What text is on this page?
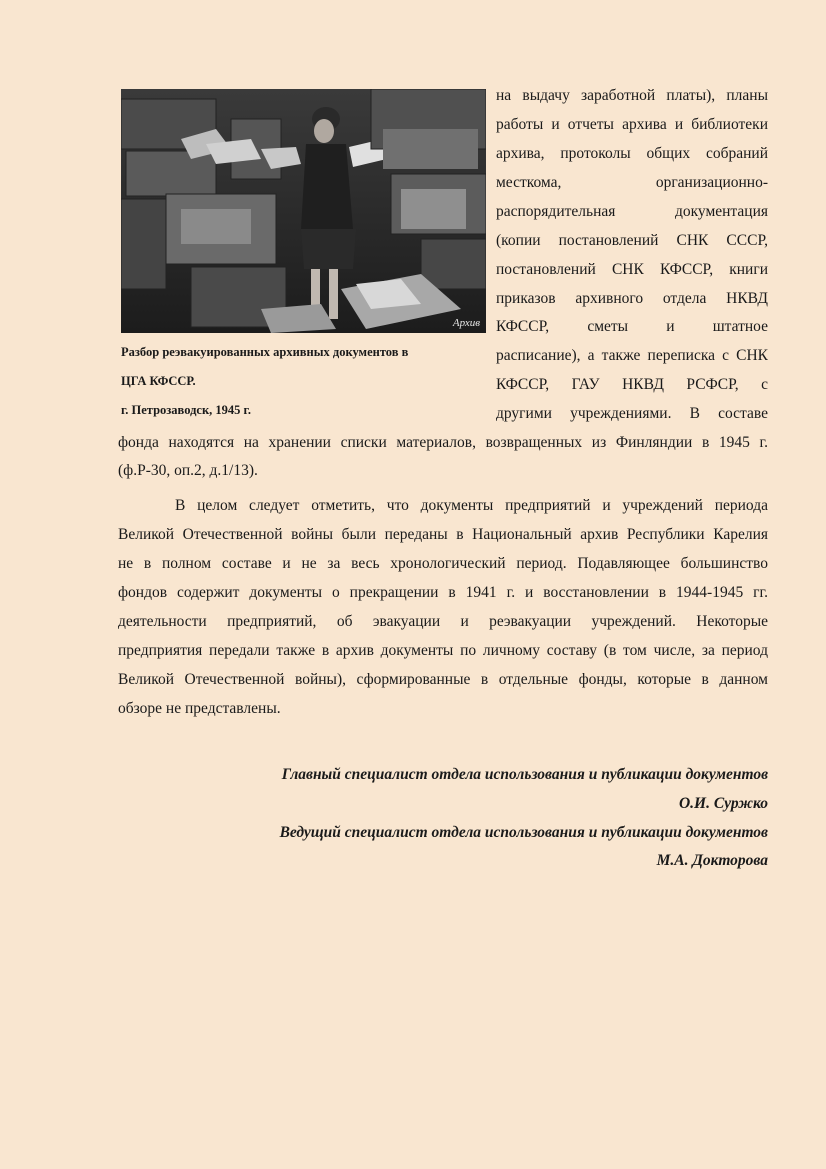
Архив
Разбор реэвакуированных архивных документов в
ЦГА КФССР.
г. Петрозаводск, 1945 г.
на выдачу заработной платы), планы
работы и отчеты архива и библиотеки
архива, протоколы общих собраний
месткома, организационно-
распорядительная документация
(копии постановлений СНК СССР,
постановлений СНК КФССР, книги
приказов архивного отдела НКВД
КФССР, сметы и штатное
расписание), а также переписка с СНК
КФССР, ГАУ НКВД РСФСР, с
другими учреждениями. В составе
фонда находятся на хранении списки материалов, возвращенных из Финляндии в 1945 г.
(ф.Р-30, оп.2, д.1/13).
В целом следует отметить, что документы предприятий и учреждений периода
Великой Отечественной войны были переданы в Национальный архив Республики Карелия
не в полном составе и не за весь хронологический период. Подавляющее большинство
фондов содержит документы о прекращении в 1941 г. и восстановлении в 1944-1945 гг.
деятельности предприятий, об эвакуации и реэвакуации учреждений. Некоторые
предприятия передали также в архив документы по личному составу (в том числе, за период
Великой Отечественной войны), сформированные в отдельные фонды, которые в данном
обзоре не представлены.
Главный специалист отдела использования и публикации документов
О.И. Суржко
Ведущий специалист отдела использования и публикации документов
М.А. Докторова
